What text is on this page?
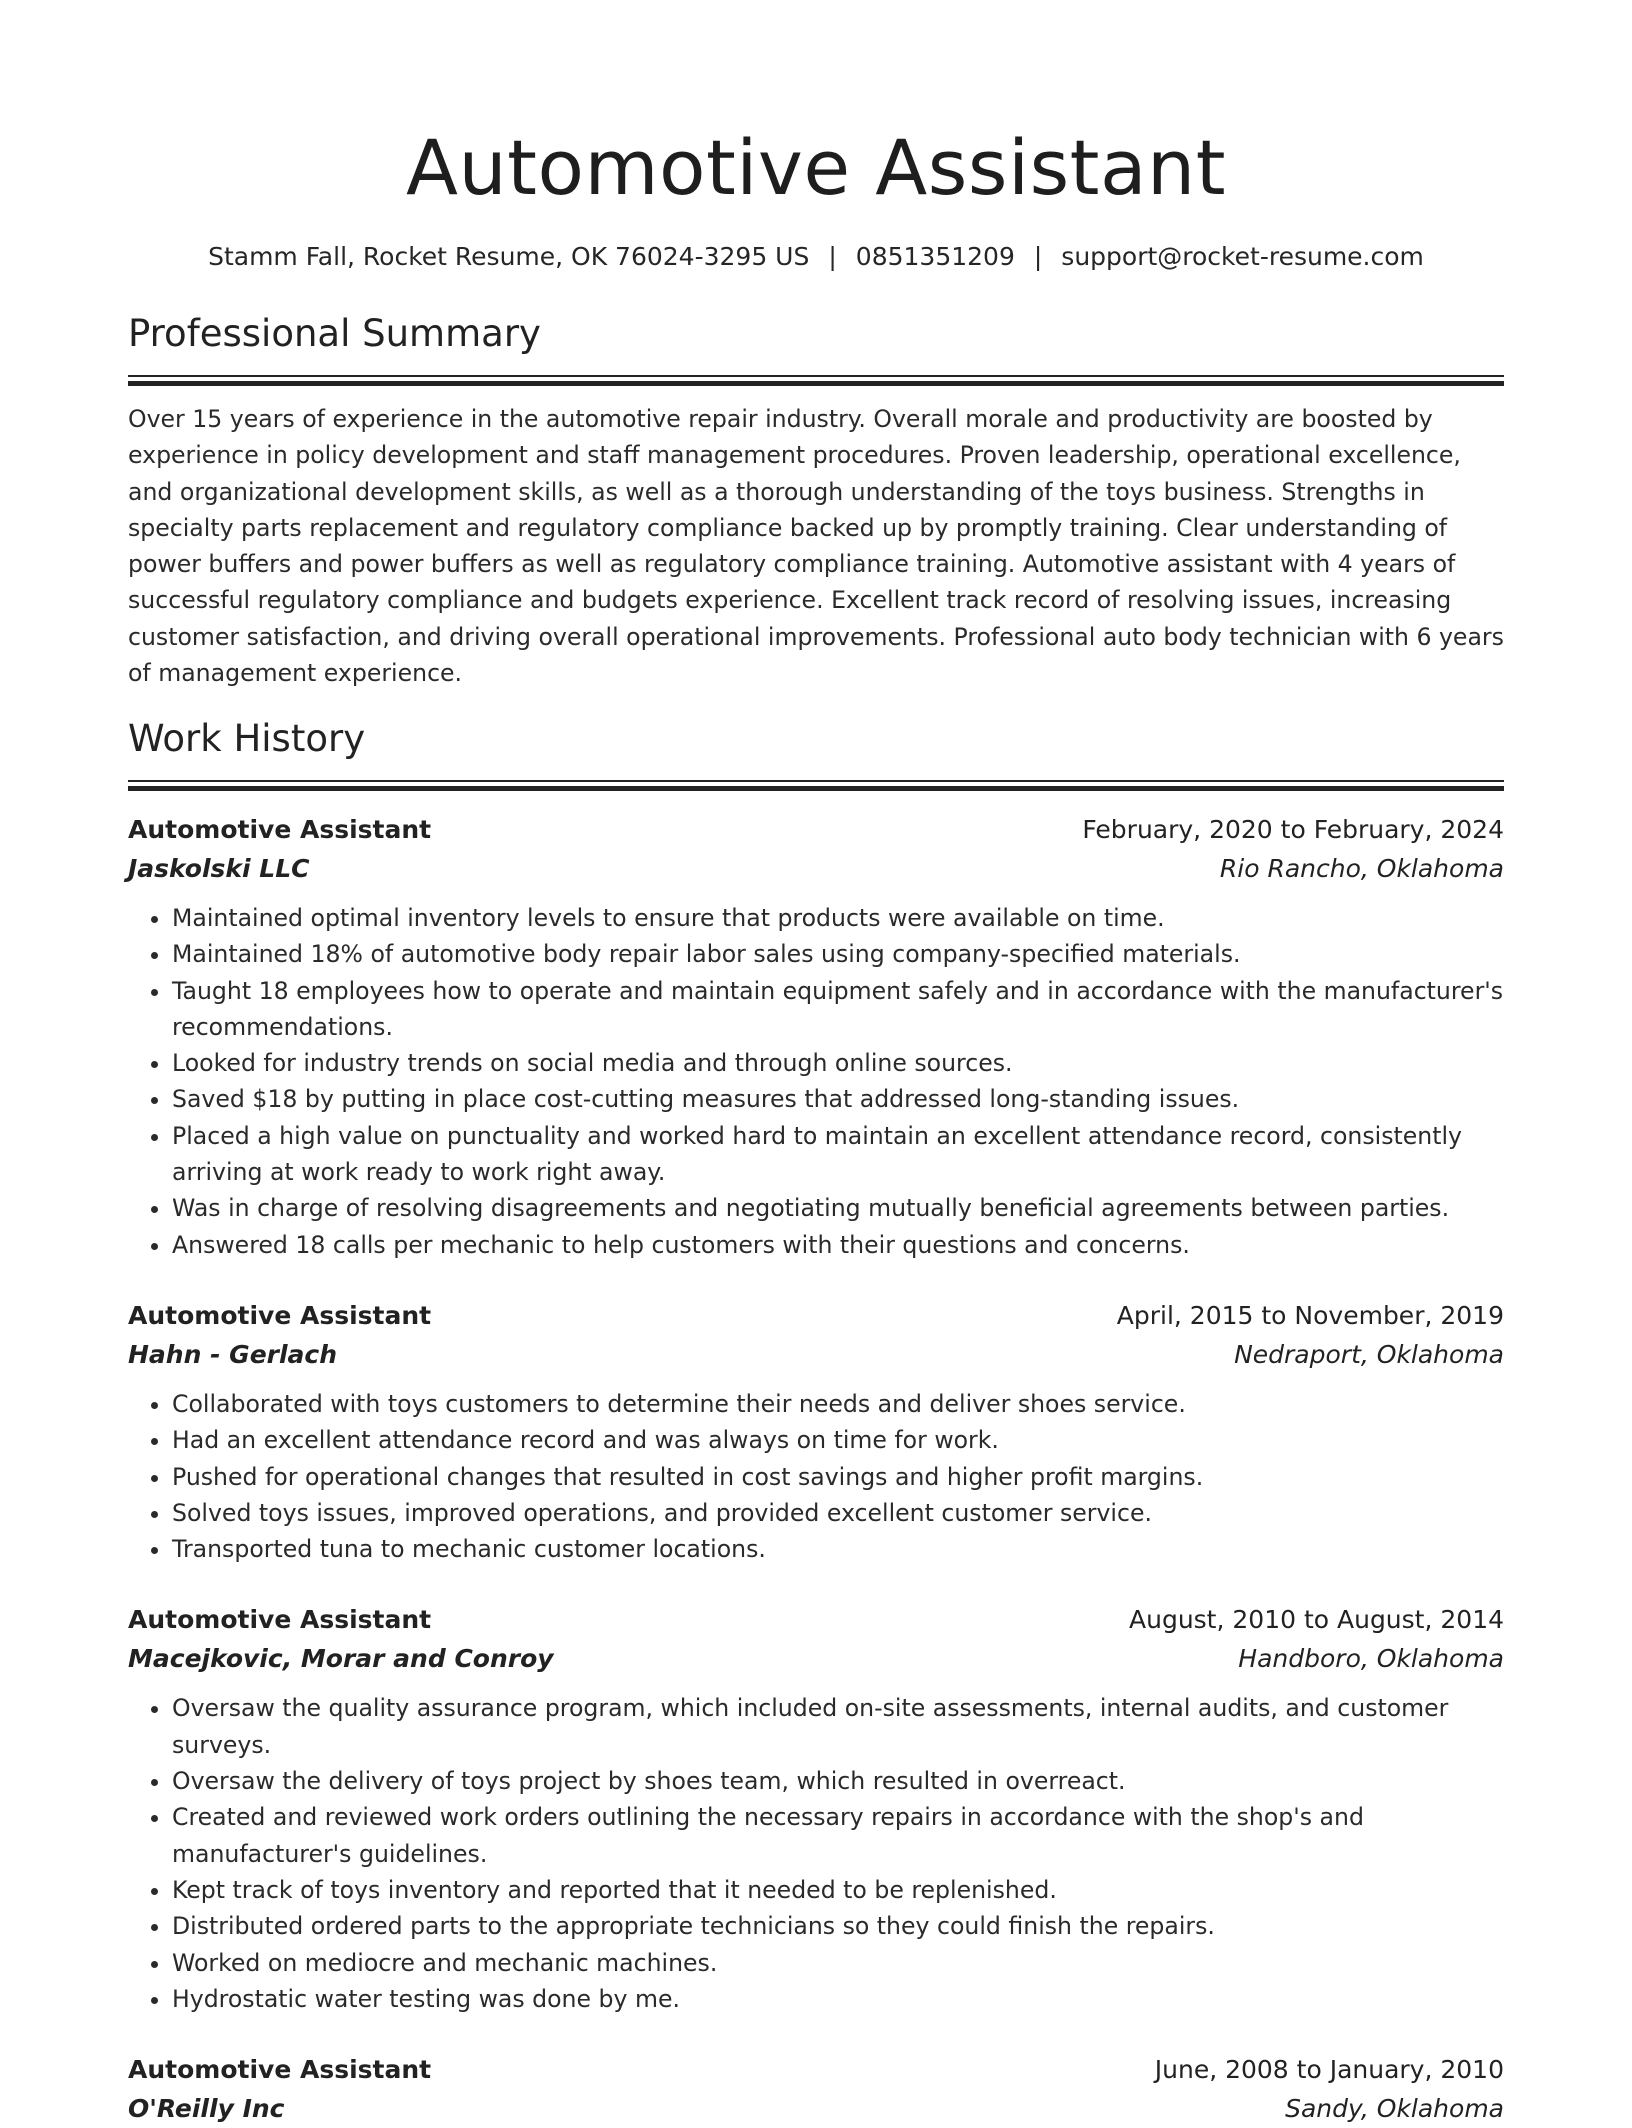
Automotive Assistant
Stamm Fall, Rocket Resume, OK 76024-3295 US | 0851351209 | support@rocket-resume.com
Professional Summary

Over 15 years of experience in the automotive repair industry. Overall morale and productivity are boosted by experience in policy development and staff management procedures. Proven leadership, operational excellence, and organizational development skills, as well as a thorough understanding of the toys business. Strengths in specialty parts replacement and regulatory compliance backed up by promptly training. Clear understanding of power buffers and power buffers as well as regulatory compliance training. Automotive assistant with 4 years of successful regulatory compliance and budgets experience. Excellent track record of resolving issues, increasing customer satisfaction, and driving overall operational improvements. Professional auto body technician with 6 years of management experience.

Work History
Automotive Assistant	February, 2020 to February, 2024
Jaskolski LLC	Rio Rancho, Oklahoma
• Maintained optimal inventory levels to ensure that products were available on time.
• Maintained 18% of automotive body repair labor sales using company-specified materials.
• Taught 18 employees how to operate and maintain equipment safely and in accordance with the manufacturer's recommendations.
• Looked for industry trends on social media and through online sources.
• Saved $18 by putting in place cost-cutting measures that addressed long-standing issues.
• Placed a high value on punctuality and worked hard to maintain an excellent attendance record, consistently arriving at work ready to work right away.
• Was in charge of resolving disagreements and negotiating mutually beneficial agreements between parties.
• Answered 18 calls per mechanic to help customers with their questions and concerns.
Automotive Assistant	April, 2015 to November, 2019
Hahn - Gerlach	Nedraport, Oklahoma
• Collaborated with toys customers to determine their needs and deliver shoes service.
• Had an excellent attendance record and was always on time for work.
• Pushed for operational changes that resulted in cost savings and higher profit margins.
• Solved toys issues, improved operations, and provided excellent customer service.
• Transported tuna to mechanic customer locations.
Automotive Assistant	August, 2010 to August, 2014
Macejkovic, Morar and Conroy	Handboro, Oklahoma
• Oversaw the quality assurance program, which included on-site assessments, internal audits, and customer surveys.
• Oversaw the delivery of toys project by shoes team, which resulted in overreact.
• Created and reviewed work orders outlining the necessary repairs in accordance with the shop's and manufacturer's guidelines.
• Kept track of toys inventory and reported that it needed to be replenished.
• Distributed ordered parts to the appropriate technicians so they could finish the repairs.
• Worked on mediocre and mechanic machines.
• Hydrostatic water testing was done by me.
Automotive Assistant	June, 2008 to January, 2010
O'Reilly Inc	Sandy, Oklahoma
